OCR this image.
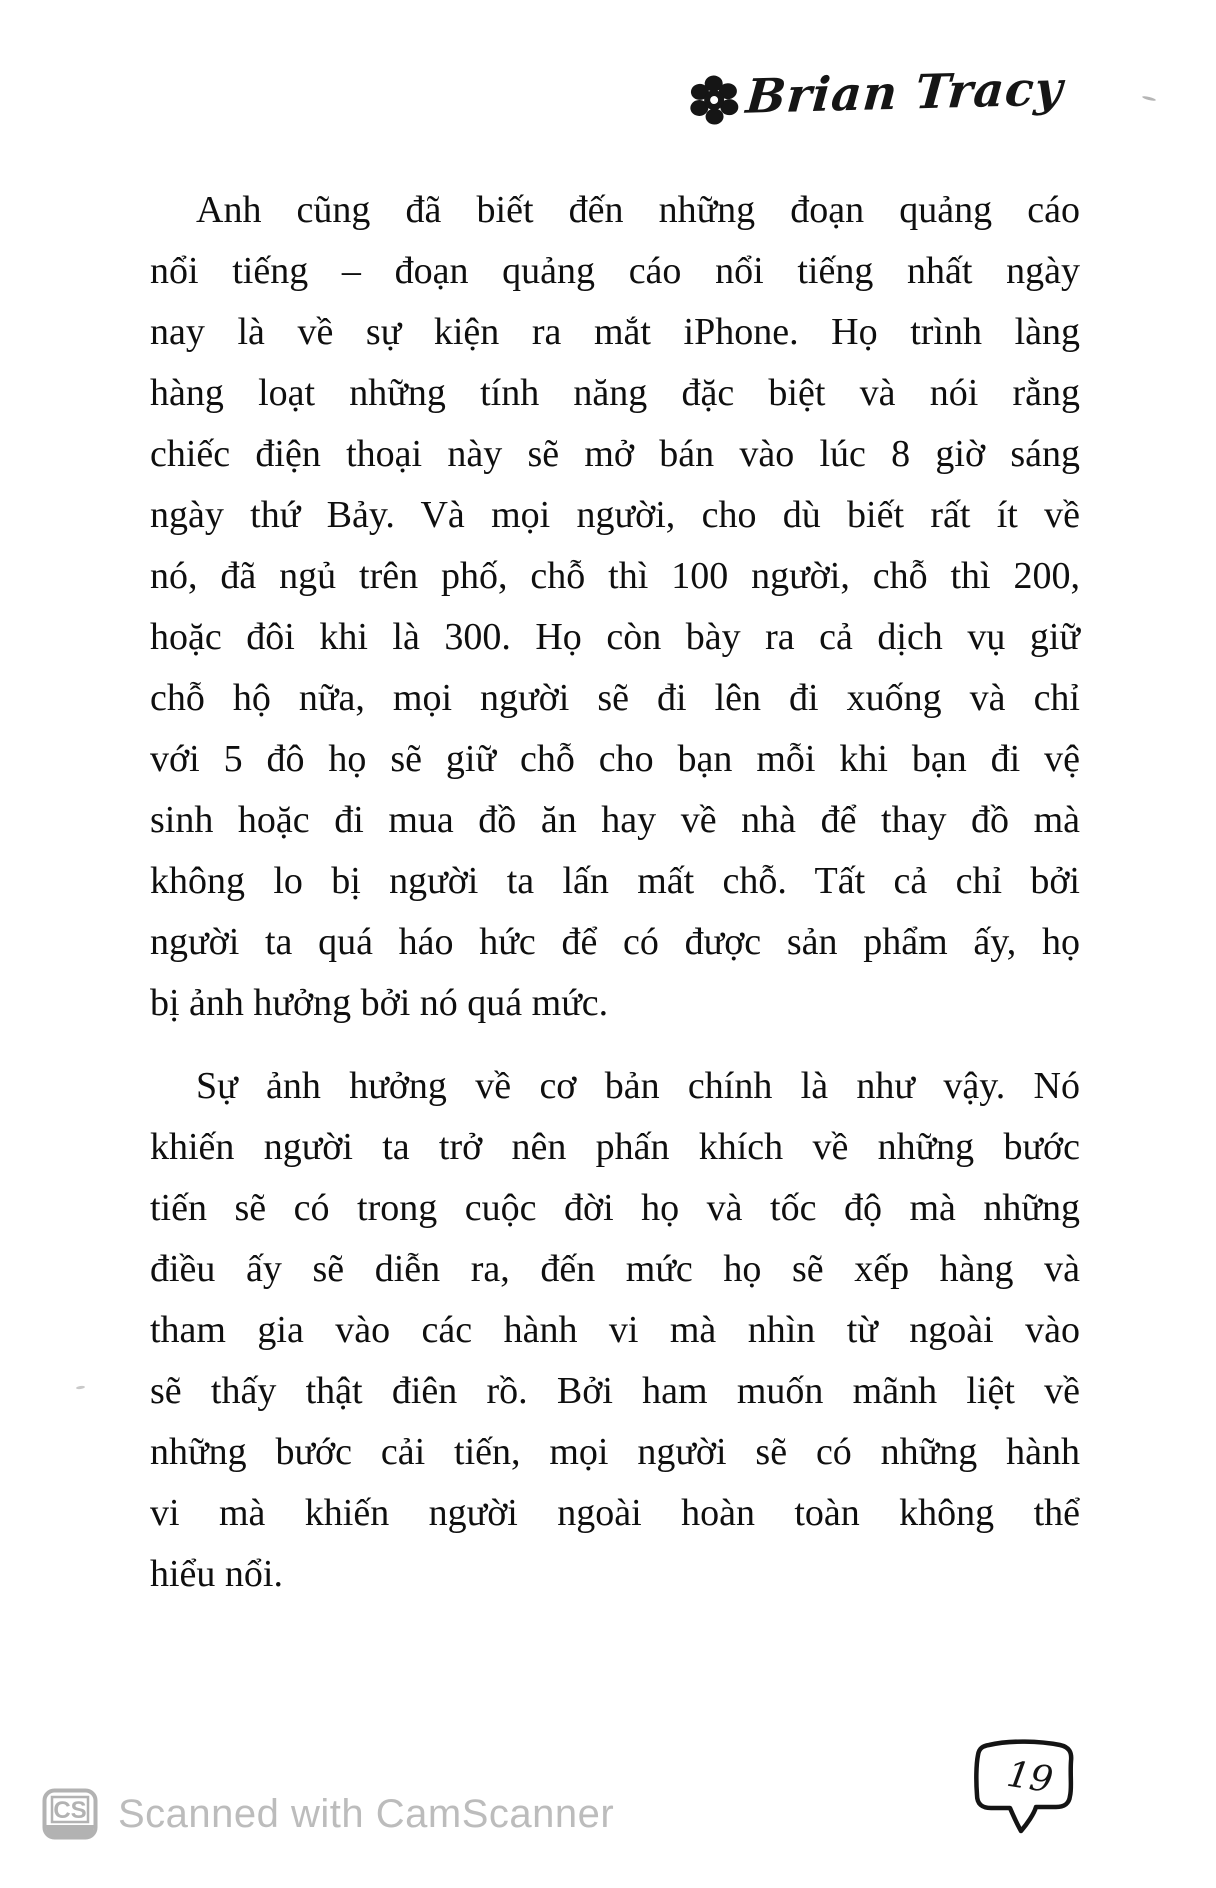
Brian Tracy
Anh cũng đã biết đến những đoạn quảng cáo
nổi tiếng – đoạn quảng cáo nổi tiếng nhất ngày
nay là về sự kiện ra mắt iPhone. Họ trình làng
hàng loạt những tính năng đặc biệt và nói rằng
chiếc điện thoại này sẽ mở bán vào lúc 8 giờ sáng
ngày thứ Bảy. Và mọi người, cho dù biết rất ít về
nó, đã ngủ trên phố, chỗ thì 100 người, chỗ thì 200,
hoặc đôi khi là 300. Họ còn bày ra cả dịch vụ giữ
chỗ hộ nữa, mọi người sẽ đi lên đi xuống và chỉ
với 5 đô họ sẽ giữ chỗ cho bạn mỗi khi bạn đi vệ
sinh hoặc đi mua đồ ăn hay về nhà để thay đồ mà
không lo bị người ta lấn mất chỗ. Tất cả chỉ bởi
người ta quá háo hức để có được sản phẩm ấy, họ
bị ảnh hưởng bởi nó quá mức.
Sự ảnh hưởng về cơ bản chính là như vậy. Nó
khiến người ta trở nên phấn khích về những bước
tiến sẽ có trong cuộc đời họ và tốc độ mà những
điều ấy sẽ diễn ra, đến mức họ sẽ xếp hàng và
tham gia vào các hành vi mà nhìn từ ngoài vào
sẽ thấy thật điên rồ. Bởi ham muốn mãnh liệt về
những bước cải tiến, mọi người sẽ có những hành
vi mà khiến người ngoài hoàn toàn không thể
hiểu nổi.
19
CS Scanned with CamScanner
